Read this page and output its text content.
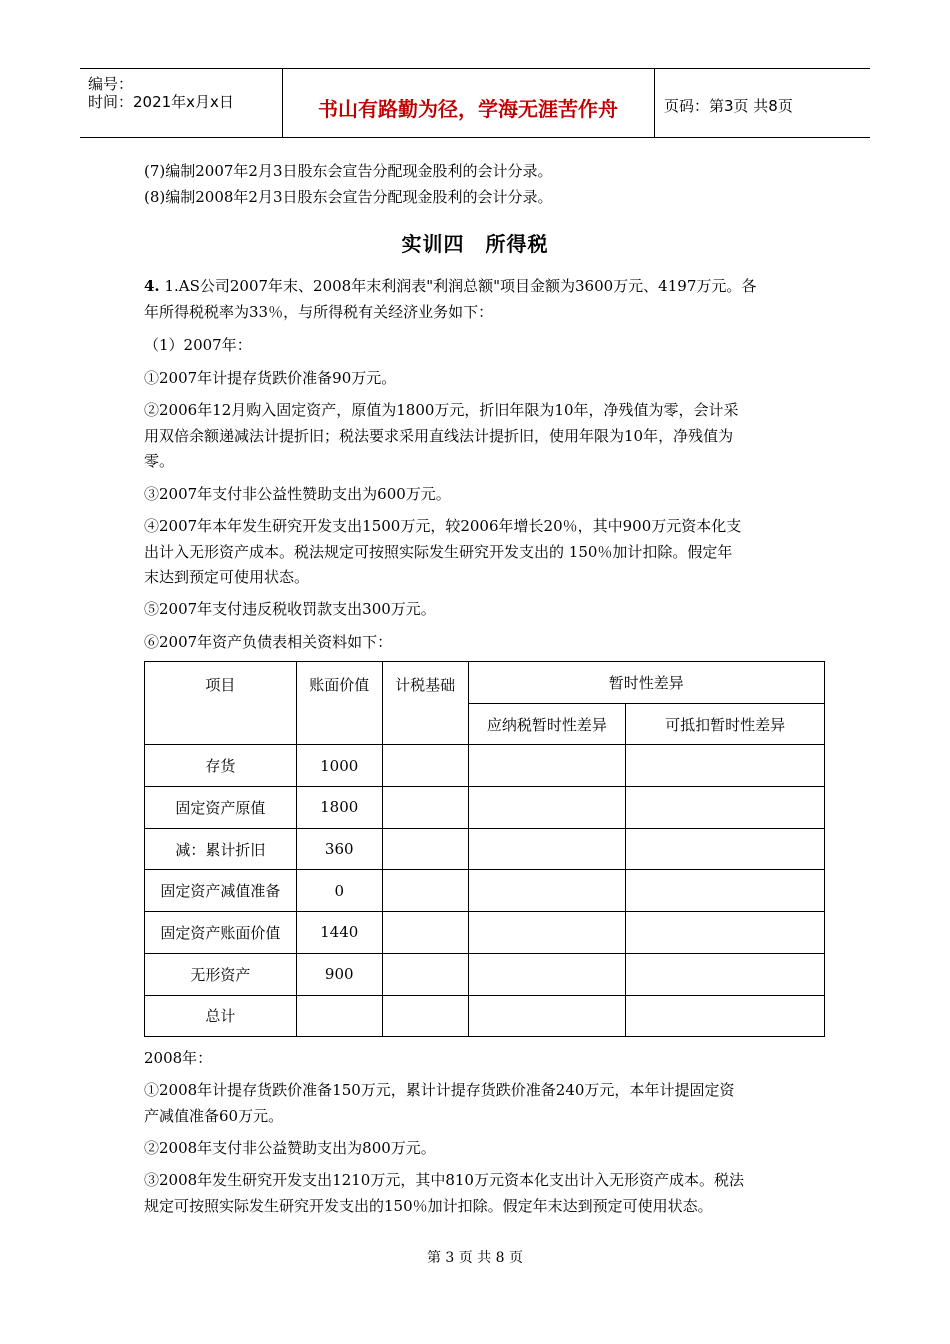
编号：
时间：2021年x月x日	书山有路勤为径，学海无涯苦作舟	页码：第3页 共8页
(7)编制2007年2月3日股东会宣告分配现金股利的会计分录。
(8)编制2008年2月3日股东会宣告分配现金股利的会计分录。
实训四　所得税
4. 1.AS公司2007年末、2008年末利润表"利润总额"项目金额为3600万元、4197万元。各
年所得税税率为33％，与所得税有关经济业务如下：
（1）2007年：
①2007年计提存货跌价准备90万元。
②2006年12月购入固定资产，原值为1800万元，折旧年限为10年，净残值为零，会计采
用双倍余额递减法计提折旧；税法要求采用直线法计提折旧，使用年限为10年，净残值为
零。
③2007年支付非公益性赞助支出为600万元。
④2007年本年发生研究开发支出1500万元，较2006年增长20％，其中900万元资本化支
出计入无形资产成本。税法规定可按照实际发生研究开发支出的 150％加计扣除。假定年
末达到预定可使用状态。
⑤2007年支付违反税收罚款支出300万元。
⑥2007年资产负债表相关资料如下：
项目	账面价值	计税基础	暂时性差异	
			应纳税暂时性差异	可抵扣暂时性差异
存货	1000			
固定资产原值	1800			
减：累计折旧	360			
固定资产减值准备	0			
固定资产账面价值	1440			
无形资产	900			
总计				
2008年：
①2008年计提存货跌价准备150万元，累计计提存货跌价准备240万元，本年计提固定资
产减值准备60万元。
②2008年支付非公益赞助支出为800万元。
③2008年发生研究开发支出1210万元，其中810万元资本化支出计入无形资产成本。税法
规定可按照实际发生研究开发支出的150％加计扣除。假定年末达到预定可使用状态。
第 3 页 共 8 页
